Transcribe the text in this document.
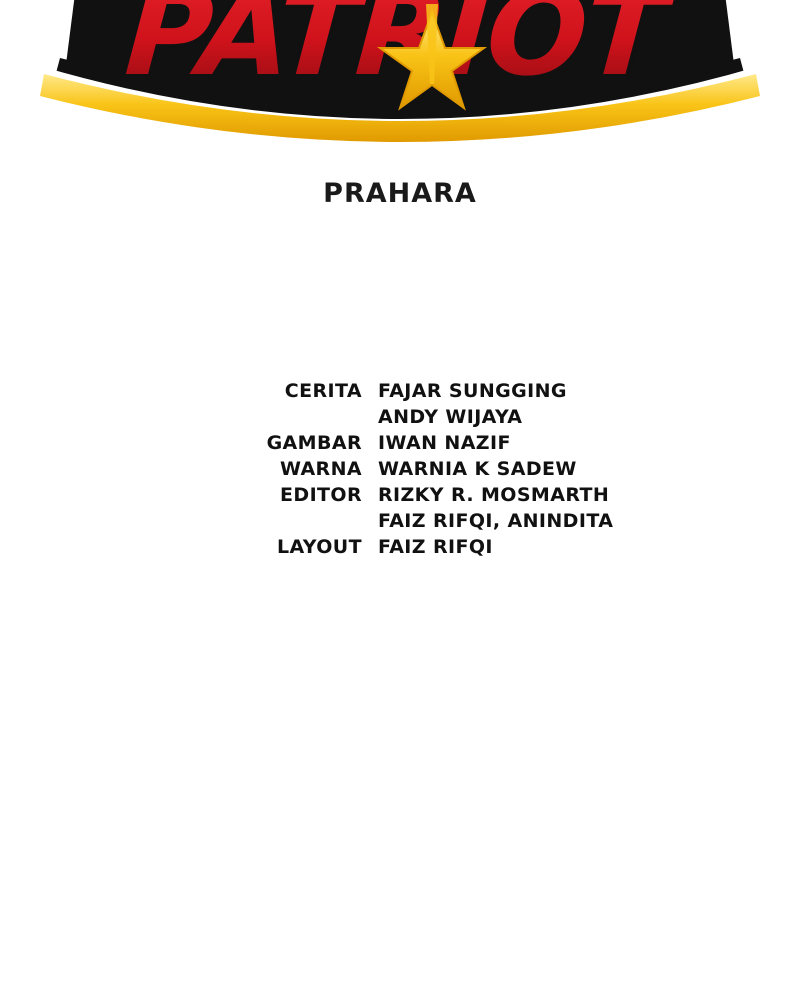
PRAHARA
CERITA FAJAR SUNGGING
ANDY WIJAYA
GAMBAR IWAN NAZIF
WARNA WARNIA K SADEW
EDITOR RIZKY R. MOSMARTH
FAIZ RIFQI, ANINDITA
LAYOUT FAIZ RIFQI
